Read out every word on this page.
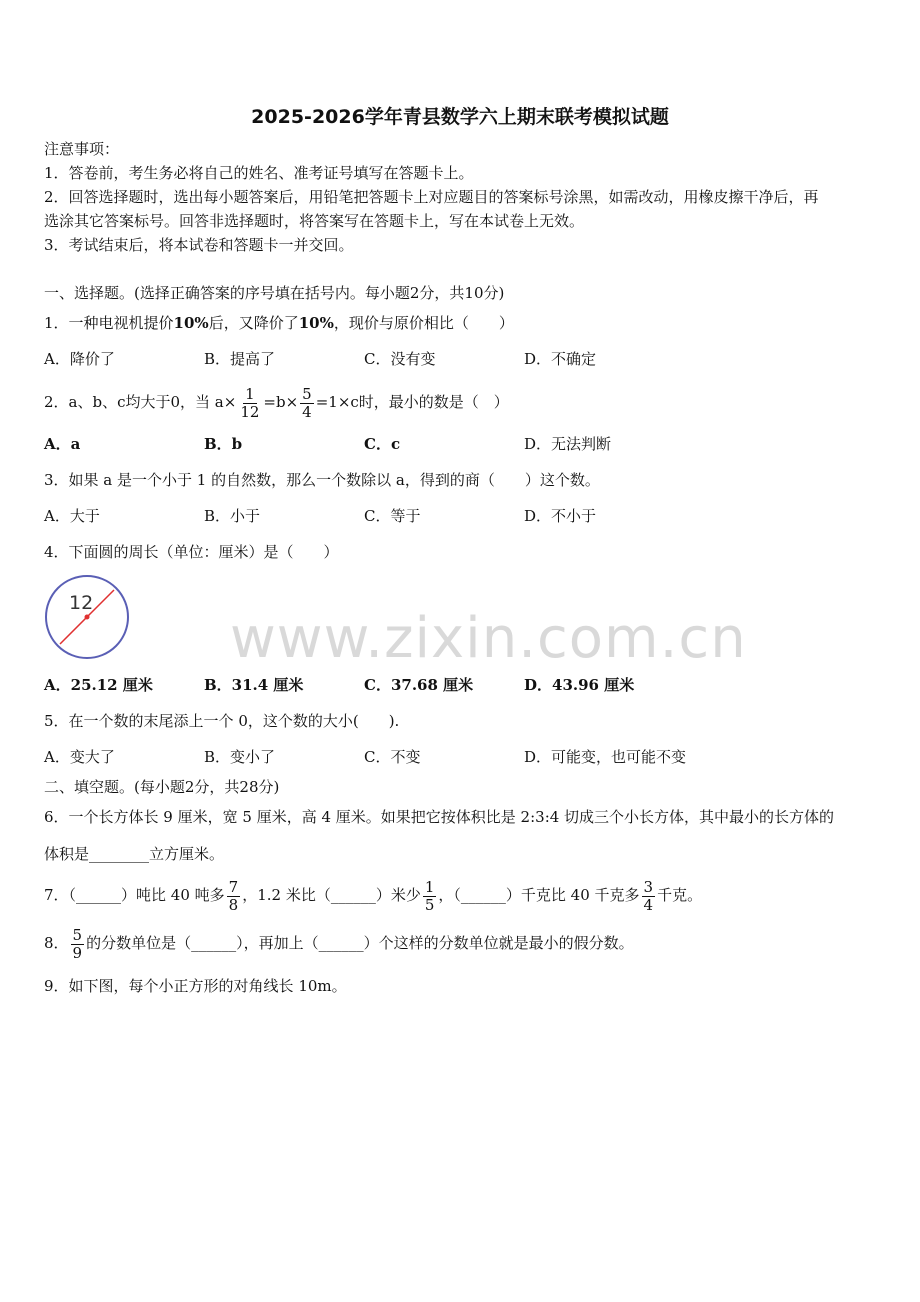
2025-2026学年青县数学六上期末联考模拟试题
注意事项：
1．答卷前，考生务必将自己的姓名、准考证号填写在答题卡上。
2．回答选择题时，选出每小题答案后，用铅笔把答题卡上对应题目的答案标号涂黑，如需改动，用橡皮擦干净后，再
选涂其它答案标号。回答非选择题时，将答案写在答题卡上，写在本试卷上无效。
3．考试结束后，将本试卷和答题卡一并交回。
一、选择题。(选择正确答案的序号填在括号内。每小题2分，共10分)
1．一种电视机提价10%后，又降价了10%，现价与原价相比（　　）
A．降价了	B．提高了	C．没有变	D．不确定
2．a、b、c均大于0，当 $a\times \frac{1}{12} =b\times \frac{5}{4} =1\times c$时，最小的数是（　）
A．a	B．b	C．c	D．无法判断
3．如果 a 是一个小于 1 的自然数，那么一个数除以 a，得到的商（　　）这个数。
A．大于	B．小于	C．等于	D．不小于
4．下面圆的周长（单位：厘米）是（　　）
12
A．25.12 厘米	B．31.4 厘米	C．37.68 厘米	D．43.96 厘米
5．在一个数的末尾添上一个 0，这个数的大小(　　).
A．变大了	B．变小了	C．不变	D．可能变，也可能不变
二、填空题。(每小题2分，共28分)
6．一个长方体长 9 厘米，宽 5 厘米，高 4 厘米。如果把它按体积比是 2:3:4 切成三个小长方体，其中最小的长方体的
体积是________立方厘米。
7．（______）吨比 40 吨多 $\frac{7}{8}$ ，1.2 米比（______）米少 $\frac{1}{5}$ ，（______）千克比 40 千克多 $\frac{3}{4}$ 千克。
8． $\frac{5}{9}$ 的分数单位是（______），再加上（______）个这样的分数单位就是最小的假分数。
9．如下图，每个小正方形的对角线长 10m。
www.zixin.com.cn
